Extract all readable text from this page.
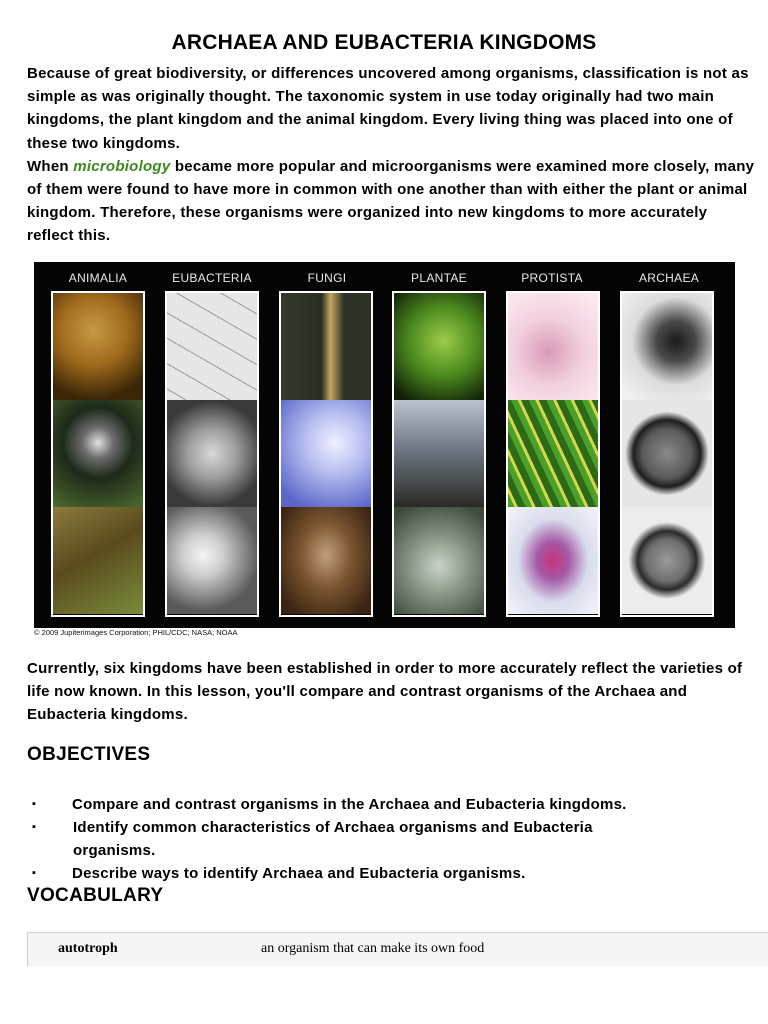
ARCHAEA AND EUBACTERIA KINGDOMS

Because of great biodiversity, or differences uncovered among organisms, classification is not as simple as was originally thought. The taxonomic system in use today originally had two main kingdoms, the plant kingdom and the animal kingdom. Every living thing was placed into one of these two kingdoms.

When microbiology became more popular and microorganisms were examined more closely, many of them were found to have more in common with one another than with either the plant or animal kingdom. Therefore, these organisms were organized into new kingdoms to more accurately reflect this.

ANIMALIA	EUBACTERIA	FUNGI	PLANTAE	PROTISTA	ARCHAEA
© 2009 Jupiterimages Corporation; PHIL/CDC; NASA; NOAA

Currently, six kingdoms have been established in order to more accurately reflect the varieties of life now known. In this lesson, you'll compare and contrast organisms of the Archaea and Eubacteria kingdoms.

OBJECTIVES
▪	Compare and contrast organisms in the Archaea and Eubacteria kingdoms.
▪	Identify common characteristics of Archaea organisms and Eubacteria organisms.
▪	Describe ways to identify Archaea and Eubacteria organisms.
VOCABULARY
autotroph	an organism that can make its own food
